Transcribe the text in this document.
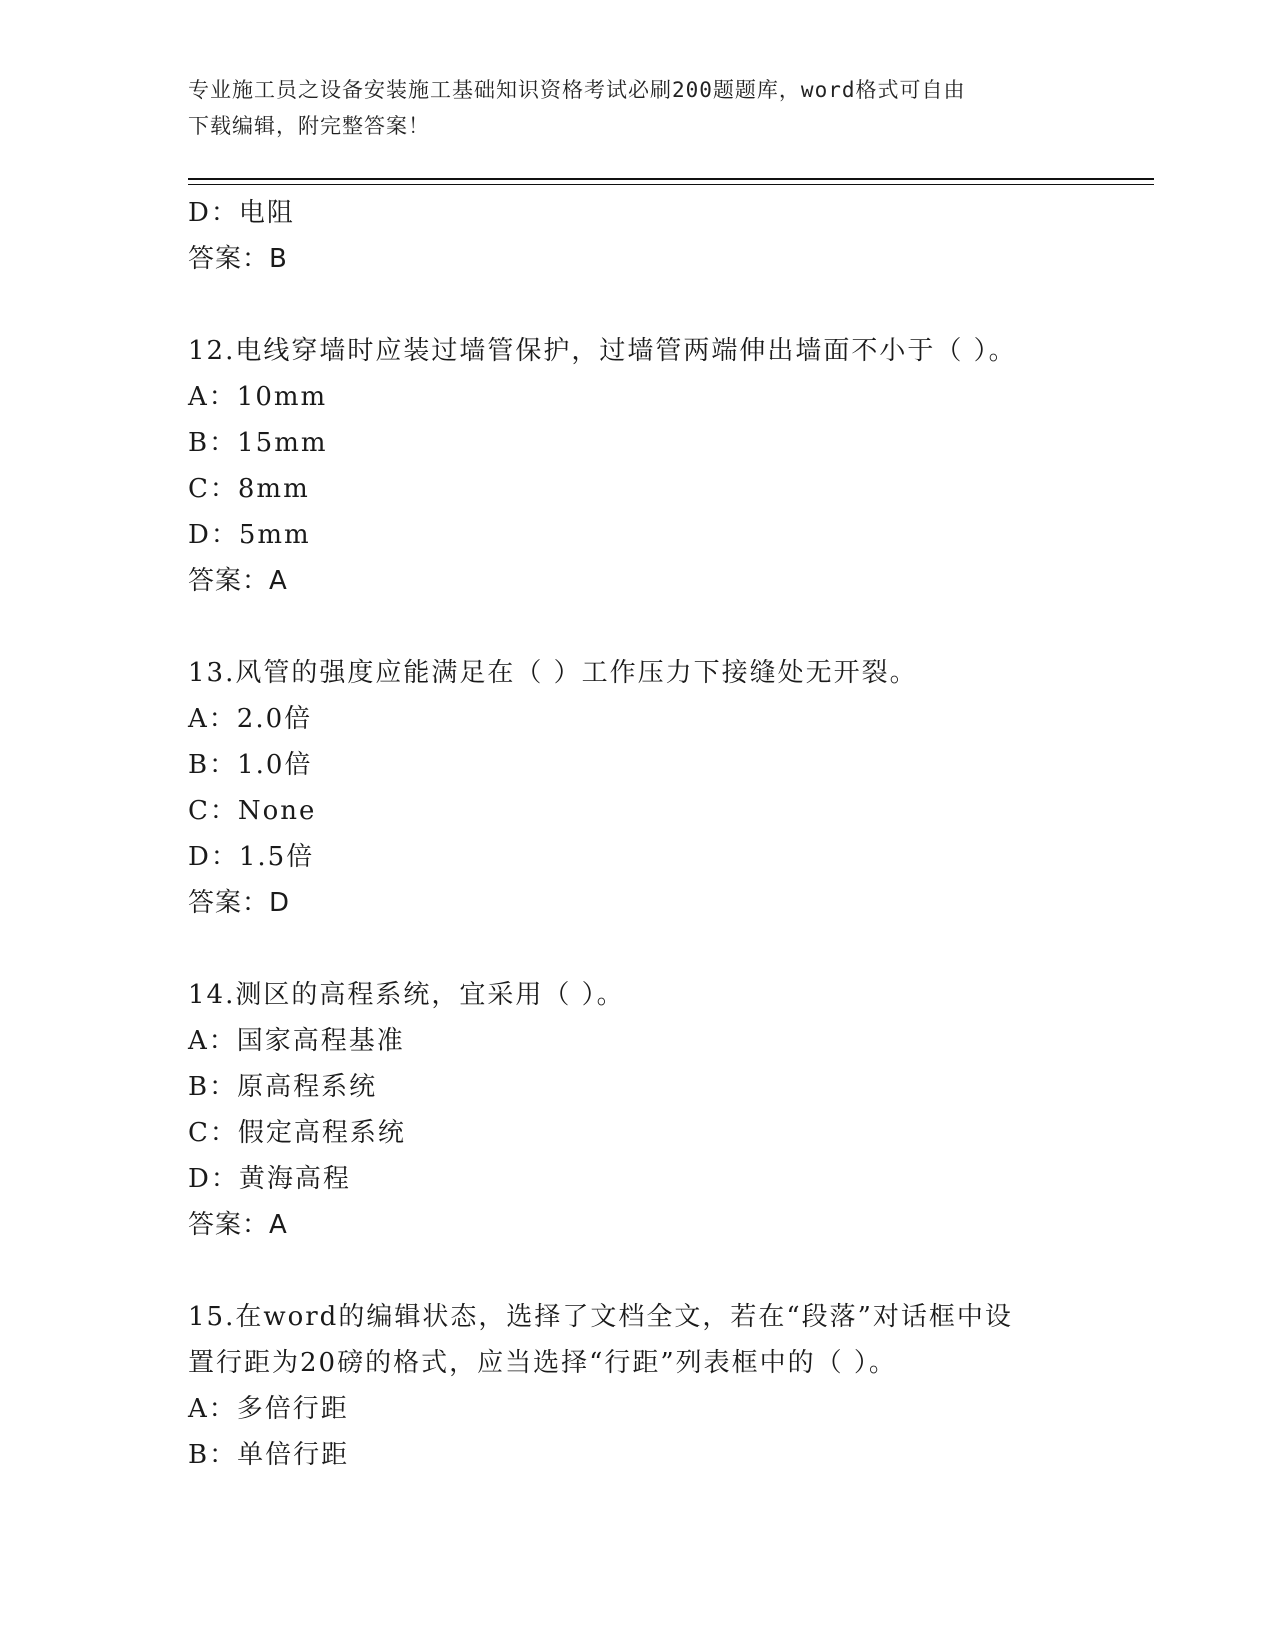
专业施工员之设备安装施工基础知识资格考试必刷200题题库，word格式可自由
下载编辑，附完整答案！
D：电阻
答案：B
12.电线穿墙时应装过墙管保护，过墙管两端伸出墙面不小于（ ）。
A：10mm
B：15mm
C：8mm
D：5mm
答案：A
13.风管的强度应能满足在（ ）工作压力下接缝处无开裂。
A：2.0倍
B：1.0倍
C：None
D：1.5倍
答案：D
14.测区的高程系统，宜采用（ ）。
A：国家高程基准
B：原高程系统
C：假定高程系统
D：黄海高程
答案：A
15.在word的编辑状态，选择了文档全文，若在“段落”对话框中设
置行距为20磅的格式，应当选择“行距”列表框中的（ ）。
A：多倍行距
B：单倍行距
